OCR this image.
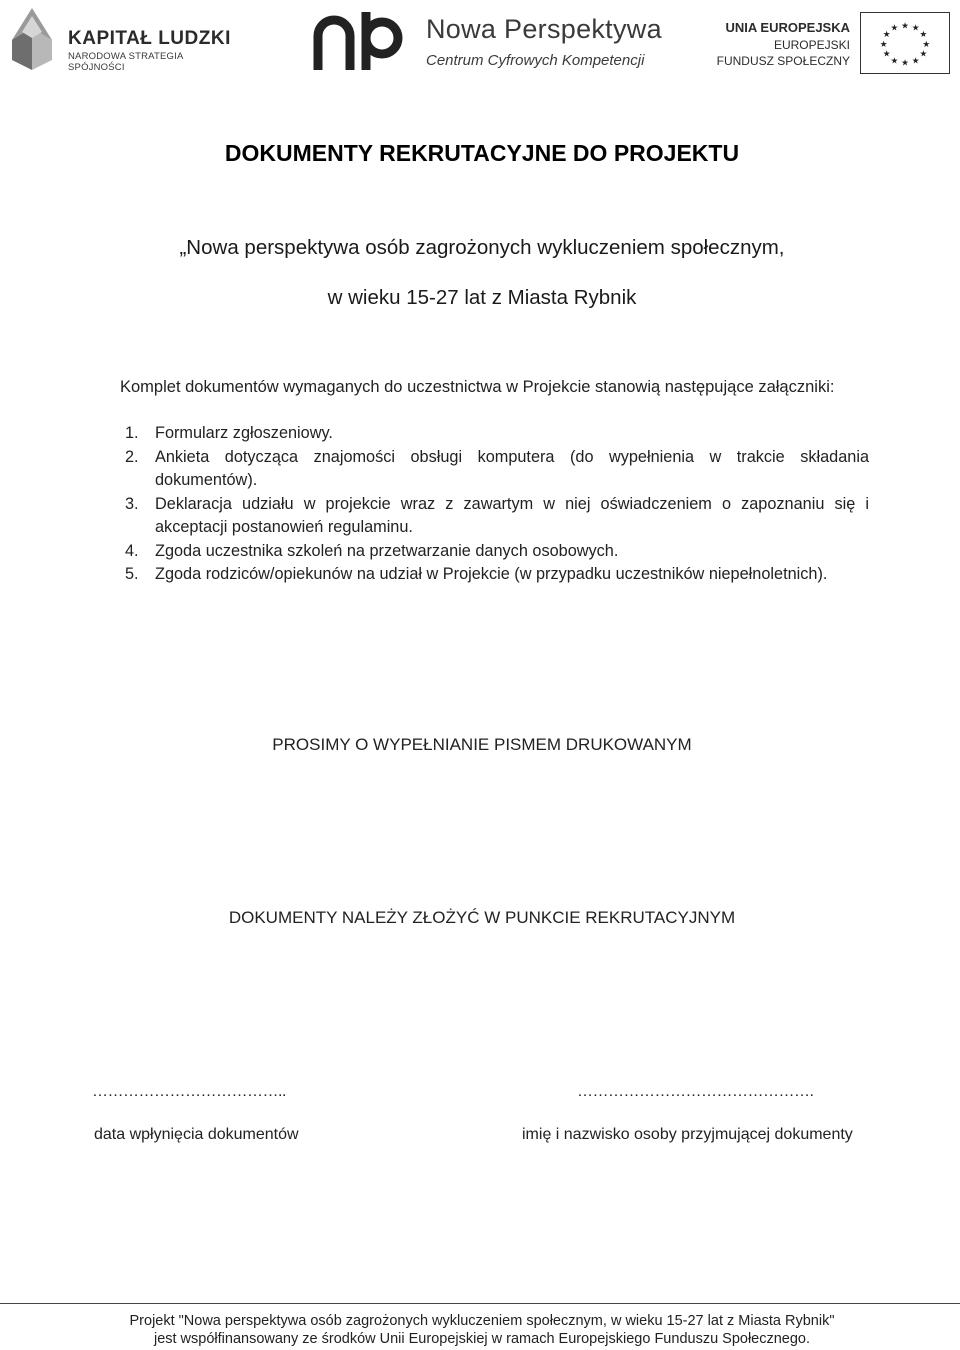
KAPITAŁ LUDZKI
NARODOWA STRATEGIA SPÓJNOŚCI
Nowa Perspektywa
Centrum Cyfrowych Kompetencji
UNIA EUROPEJSKA
EUROPEJSKI
FUNDUSZ SPOŁECZNY
★ ★
★
★
★
★
★
★
★
★
★
★
DOKUMENTY REKRUTACYJNE DO PROJEKTU
„Nowa perspektywa osób zagrożonych wykluczeniem społecznym,
w wieku 15-27 lat z Miasta Rybnik
Komplet dokumentów wymaganych do uczestnictwa w Projekcie stanowią następujące załączniki:
1. Formularz zgłoszeniowy.
2. Ankieta dotycząca znajomości obsługi komputera (do wypełnienia w trakcie składania dokumentów).
3. Deklaracja udziału w projekcie wraz z zawartym w niej oświadczeniem o zapoznaniu się i akceptacji postanowień regulaminu.
4. Zgoda uczestnika szkoleń na przetwarzanie danych osobowych.
5. Zgoda rodziców/opiekunów na udział w Projekcie (w przypadku uczestników niepełnoletnich).
PROSIMY O WYPEŁNIANIE PISMEM DRUKOWANYM
DOKUMENTY NALEŻY ZŁOŻYĆ W PUNKCIE REKRUTACYJNYM
………………………………..	……………………………………….
data wpłynięcia dokumentów	imię i nazwisko osoby przyjmującej dokumenty
Projekt "Nowa perspektywa osób zagrożonych wykluczeniem społecznym, w wieku 15-27 lat z Miasta Rybnik"
jest współfinansowany ze środków Unii Europejskiej w ramach Europejskiego Funduszu Społecznego.
